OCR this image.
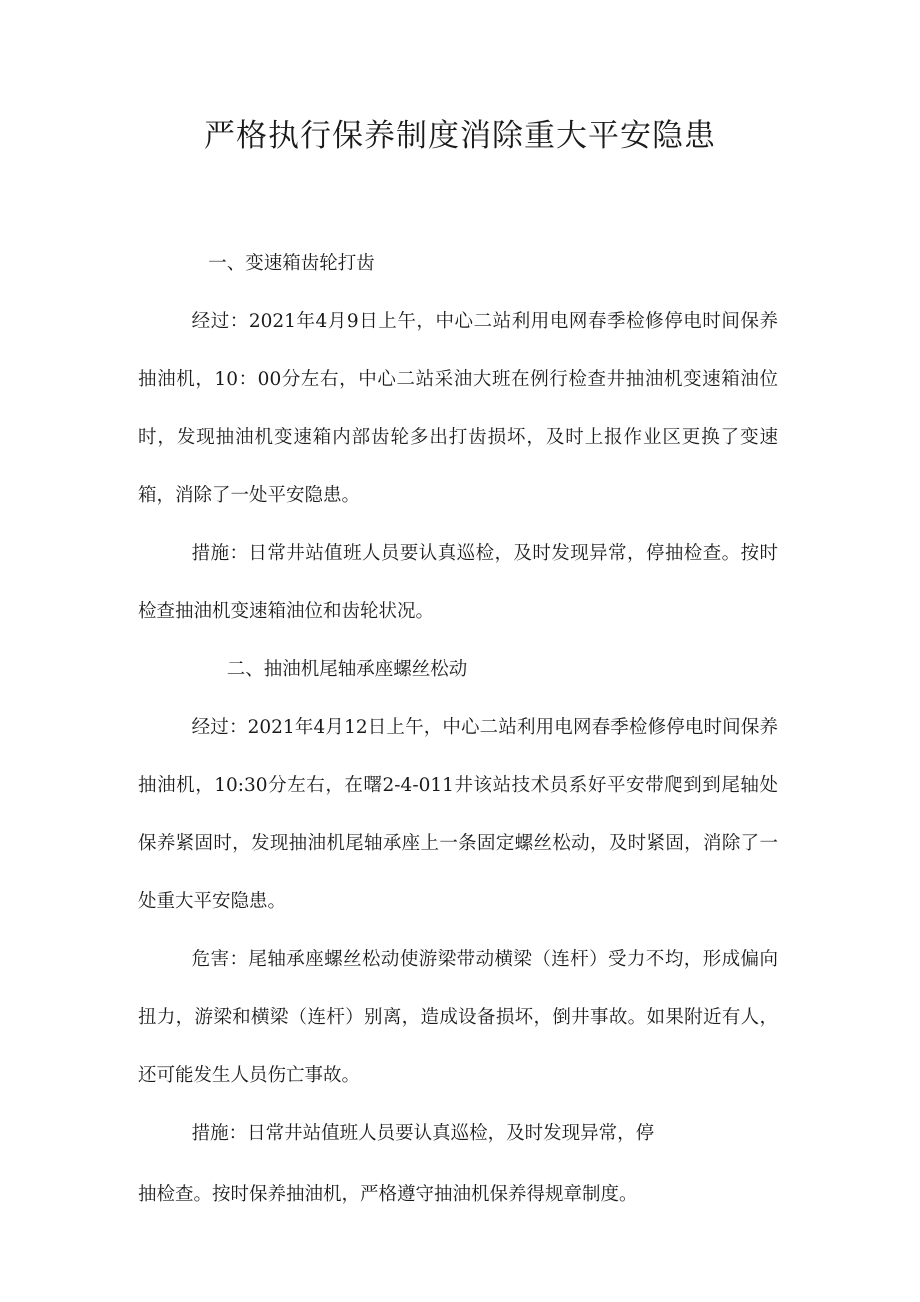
严格执行保养制度消除重大平安隐患

一、变速箱齿轮打齿

经过：2021年4月9日上午，中心二站利用电网春季检修停电时间保养抽油机，10：00分左右，中心二站采油大班在例行检查井抽油机变速箱油位时，发现抽油机变速箱内部齿轮多出打齿损坏，及时上报作业区更换了变速箱，消除了一处平安隐患。

措施：日常井站值班人员要认真巡检，及时发现异常，停抽检查。按时检查抽油机变速箱油位和齿轮状况。

二、抽油机尾轴承座螺丝松动

经过：2021年4月12日上午，中心二站利用电网春季检修停电时间保养抽油机，10:30分左右，在曙2-4-011井该站技术员系好平安带爬到到尾轴处保养紧固时，发现抽油机尾轴承座上一条固定螺丝松动，及时紧固，消除了一处重大平安隐患。

危害：尾轴承座螺丝松动使游梁带动横梁（连杆）受力不均，形成偏向扭力，游梁和横梁（连杆）别离，造成设备损坏，倒井事故。如果附近有人，还可能发生人员伤亡事故。

措施：日常井站值班人员要认真巡检，及时发现异常，停

抽检查。按时保养抽油机，严格遵守抽油机保养得规章制度。
